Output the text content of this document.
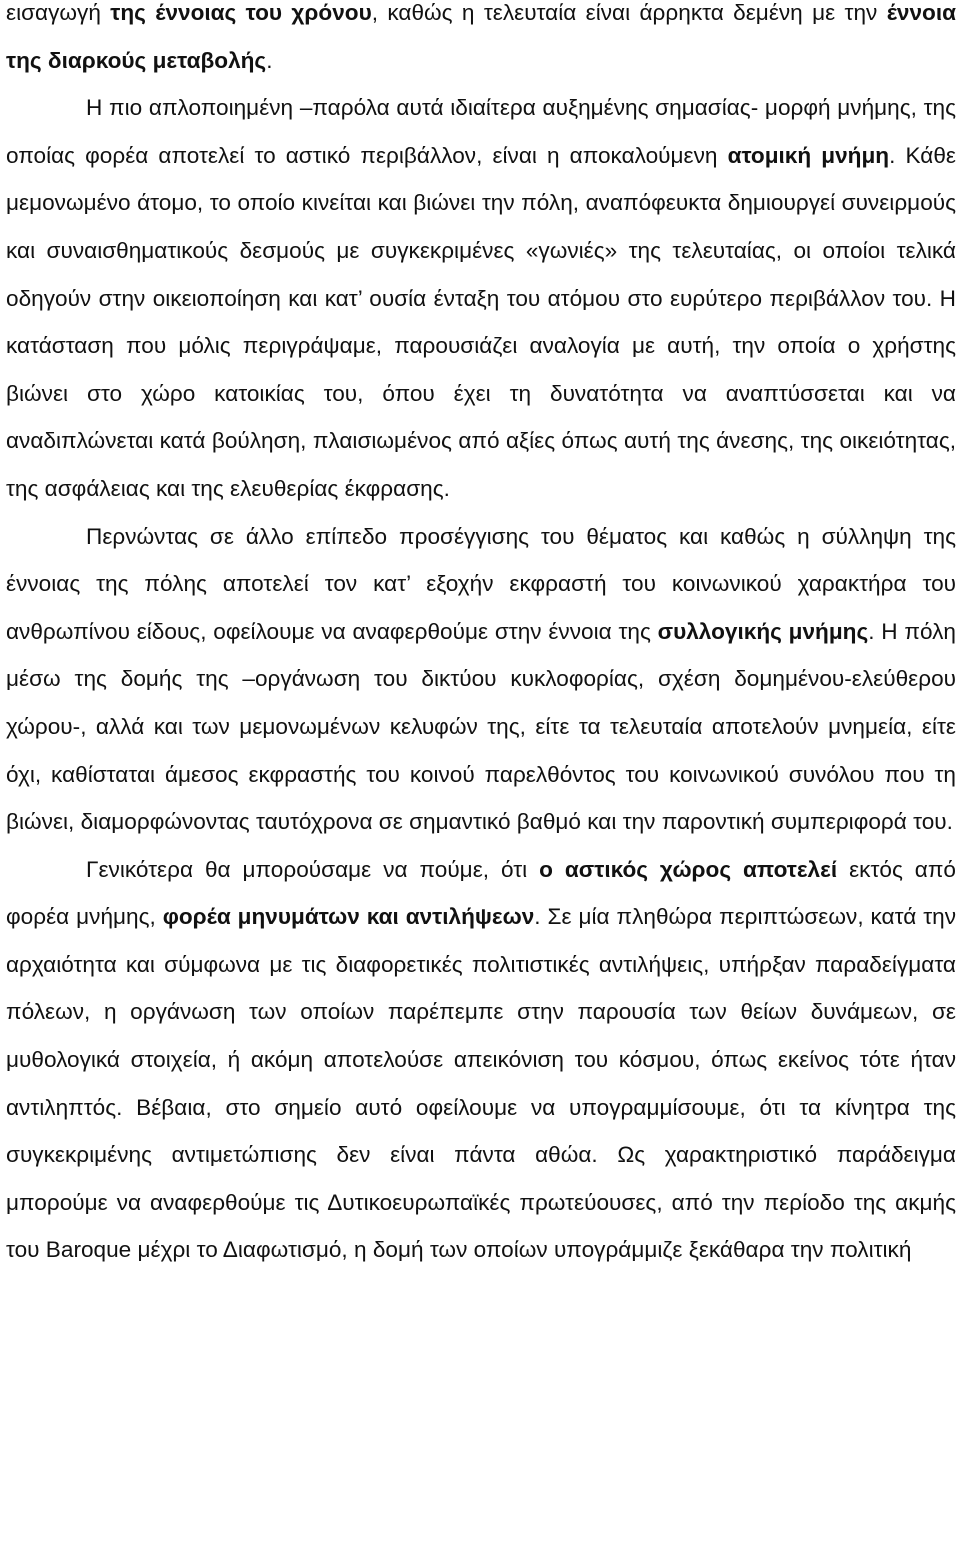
εισαγωγή της έννοιας του χρόνου, καθώς η τελευταία είναι άρρηκτα δεμένη με την έννοια της διαρκούς μεταβολής.

Η πιο απλοποιημένη –παρόλα αυτά ιδιαίτερα αυξημένης σημασίας- μορφή μνήμης, της οποίας φορέα αποτελεί το αστικό περιβάλλον, είναι η αποκαλούμενη ατομική μνήμη. Κάθε μεμονωμένο άτομο, το οποίο κινείται και βιώνει την πόλη, αναπόφευκτα δημιουργεί συνειρμούς και συναισθηματικούς δεσμούς με συγκεκριμένες «γωνιές» της τελευταίας, οι οποίοι τελικά οδηγούν στην οικειοποίηση και κατ’ ουσία ένταξη του ατόμου στο ευρύτερο περιβάλλον του. Η κατάσταση που μόλις περιγράψαμε, παρουσιάζει αναλογία με αυτή, την οποία ο χρήστης βιώνει στο χώρο κατοικίας του, όπου έχει τη δυνατότητα να αναπτύσσεται και να αναδιπλώνεται κατά βούληση, πλαισιωμένος από αξίες όπως αυτή της άνεσης, της οικειότητας, της ασφάλειας και της ελευθερίας έκφρασης.

Περνώντας σε άλλο επίπεδο προσέγγισης του θέματος και καθώς η σύλληψη της έννοιας της πόλης αποτελεί τον κατ’ εξοχήν εκφραστή του κοινωνικού χαρακτήρα του ανθρωπίνου είδους, οφείλουμε να αναφερθούμε στην έννοια της συλλογικής μνήμης. Η πόλη μέσω της δομής της –οργάνωση του δικτύου κυκλοφορίας, σχέση δομημένου-ελεύθερου χώρου-, αλλά και των μεμονωμένων κελυφών της, είτε τα τελευταία αποτελούν μνημεία, είτε όχι, καθίσταται άμεσος εκφραστής του κοινού παρελθόντος του κοινωνικού συνόλου που τη βιώνει, διαμορφώνοντας ταυτόχρονα σε σημαντικό βαθμό και την παροντική συμπεριφορά του.

Γενικότερα θα μπορούσαμε να πούμε, ότι ο αστικός χώρος αποτελεί εκτός από φορέα μνήμης, φορέα μηνυμάτων και αντιλήψεων. Σε μία πληθώρα περιπτώσεων, κατά την αρχαιότητα και σύμφωνα με τις διαφορετικές πολιτιστικές αντιλήψεις, υπήρξαν παραδείγματα πόλεων, η οργάνωση των οποίων παρέπεμπε στην παρουσία των θείων δυνάμεων, σε μυθολογικά στοιχεία, ή ακόμη αποτελούσε απεικόνιση του κόσμου, όπως εκείνος τότε ήταν αντιληπτός. Βέβαια, στο σημείο αυτό οφείλουμε να υπογραμμίσουμε, ότι τα κίνητρα της συγκεκριμένης αντιμετώπισης δεν είναι πάντα αθώα. Ως χαρακτηριστικό παράδειγμα μπορούμε να αναφερθούμε τις Δυτικοευρωπαϊκές πρωτεύουσες, από την περίοδο της ακμής του Baroque μέχρι το Διαφωτισμό, η δομή των οποίων υπογράμμιζε ξεκάθαρα την πολιτική
